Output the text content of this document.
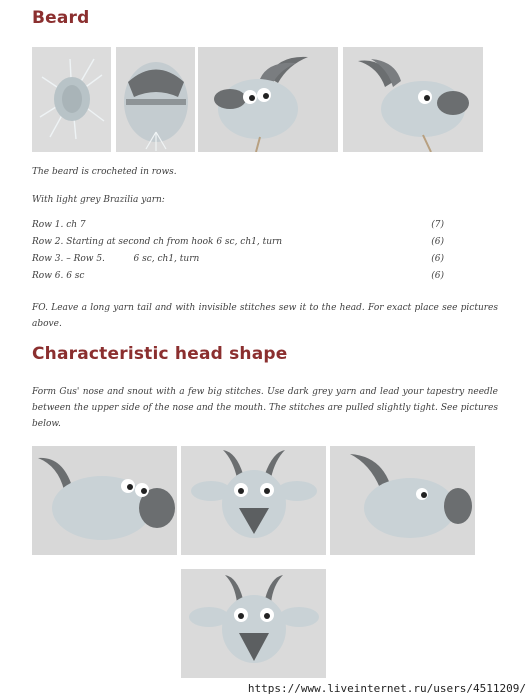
Beard

The beard is crocheted in rows.

With light grey Brazilia yarn:

Row 1. ch 7	(7)
Row 2. Starting at second ch from hook 6 sc, ch1, turn	(6)
Row 3. – Row 5.          6 sc, ch1, turn	(6)
Row 6. 6 sc	(6)

FO. Leave a long yarn tail and with invisible stitches sew it to the head. For exact place see pictures above.

Characteristic head shape

Form Gus' nose and snout with a few big stitches. Use dark grey yarn and lead your tapestry needle between the upper side of the nose and the mouth. The stitches are pulled slightly tight. See pictures below.

https://www.liveinternet.ru/users/4511209/
